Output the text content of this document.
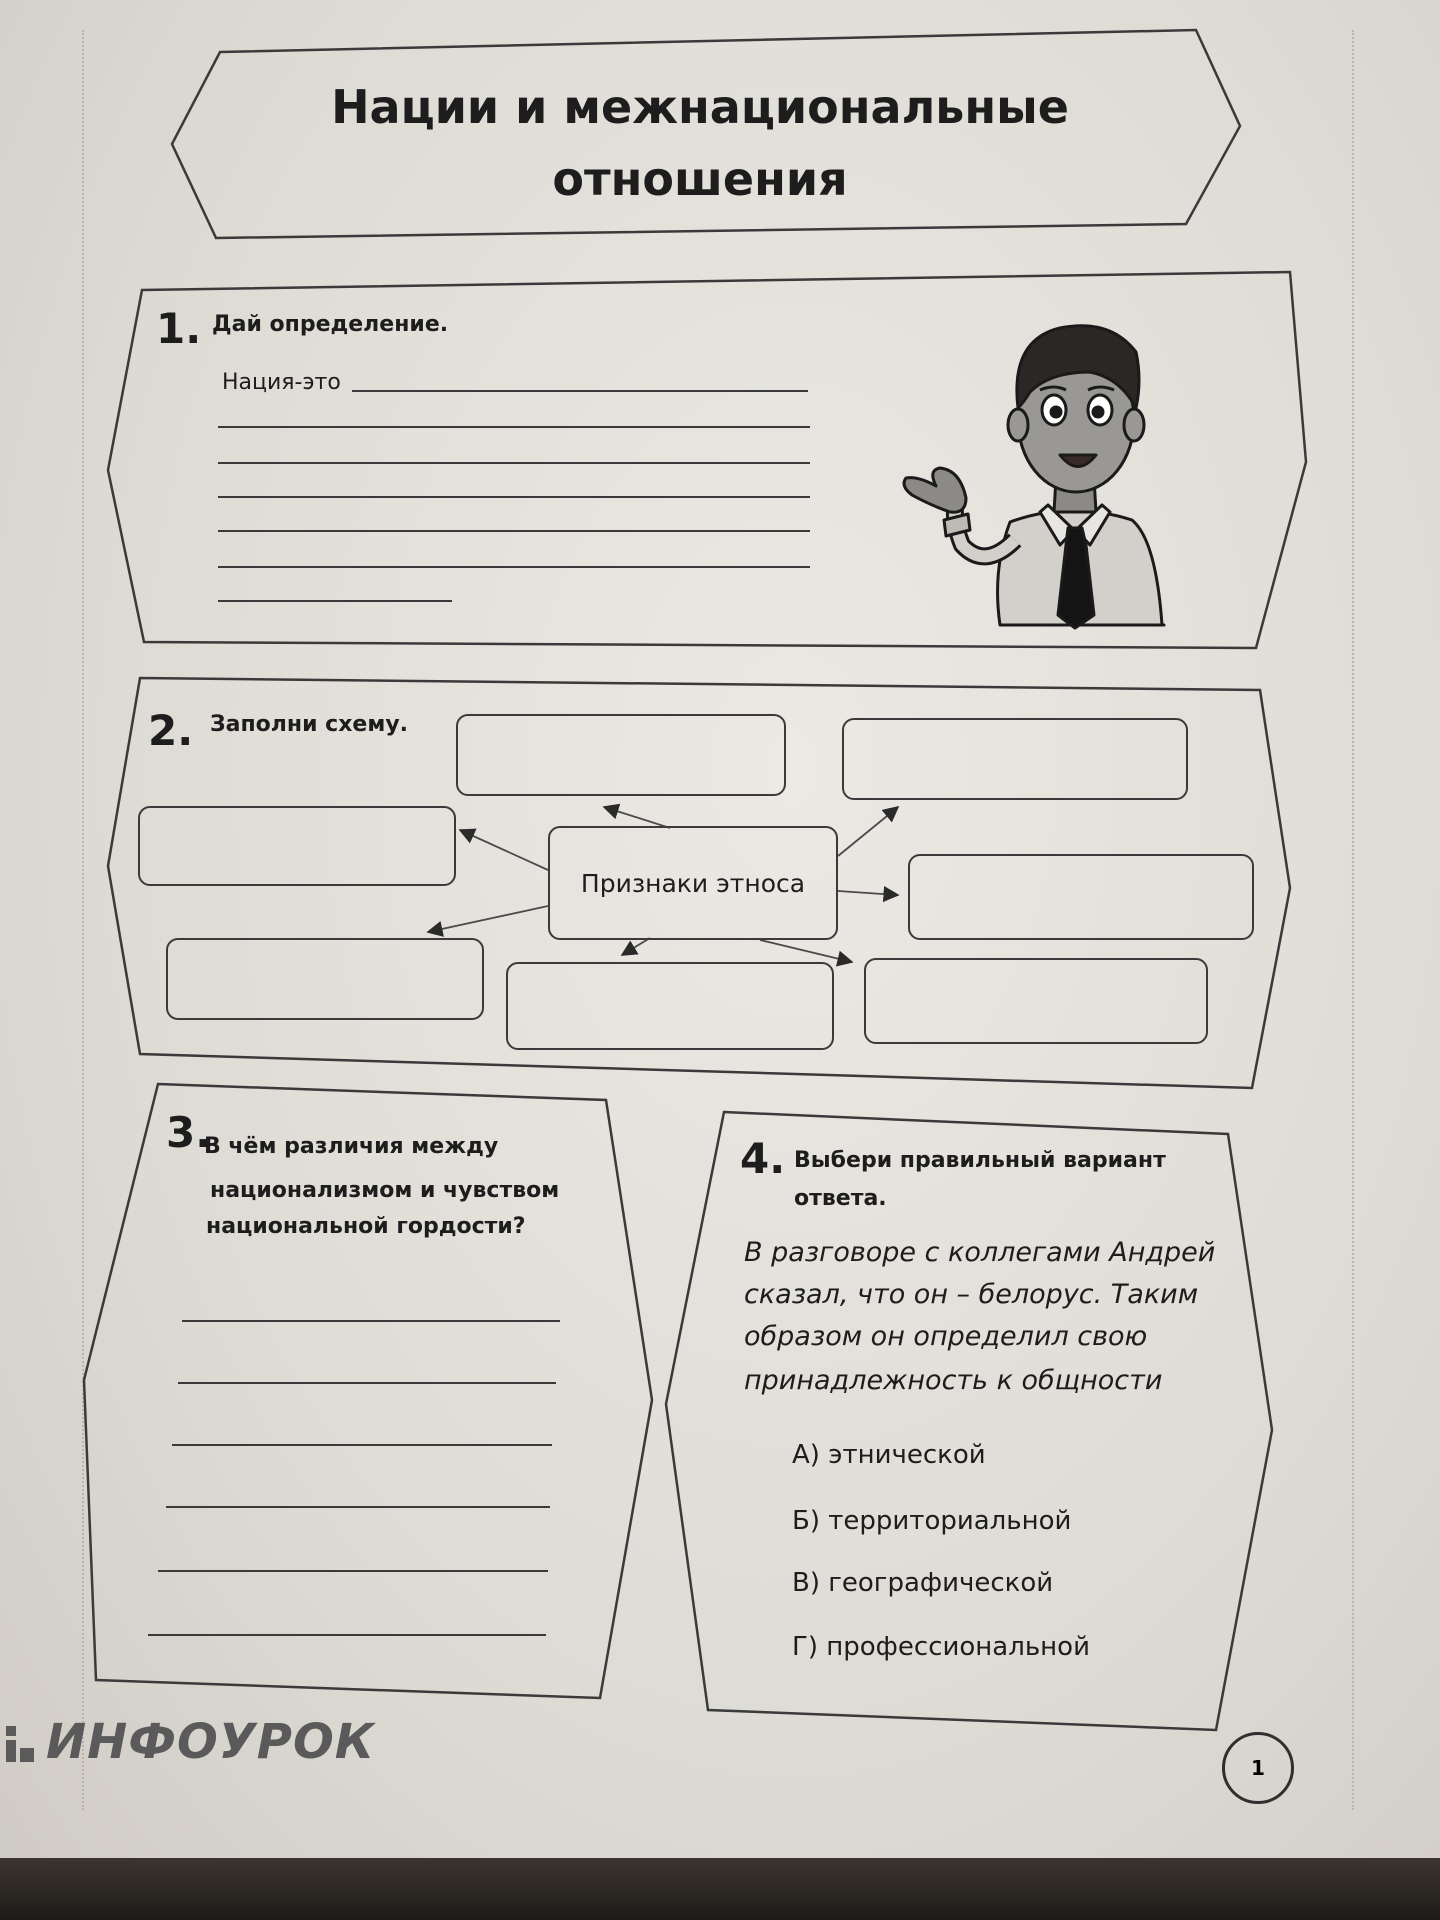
Нации и межнациональные
отношения
1. Дай определение.
Нация-это
2. Заполни схему.
Признаки этноса
3.
В чём различия между
национализмом и чувством
национальной гордости?
4. Выбери правильный вариант
ответа.
В разговоре с коллегами Андрей
сказал, что он – белорус. Таким
образом он определил свою
принадлежность к общности
А) этнической
Б) территориальной
В) географической
Г) профессиональной
ИНФОУРОК	1
